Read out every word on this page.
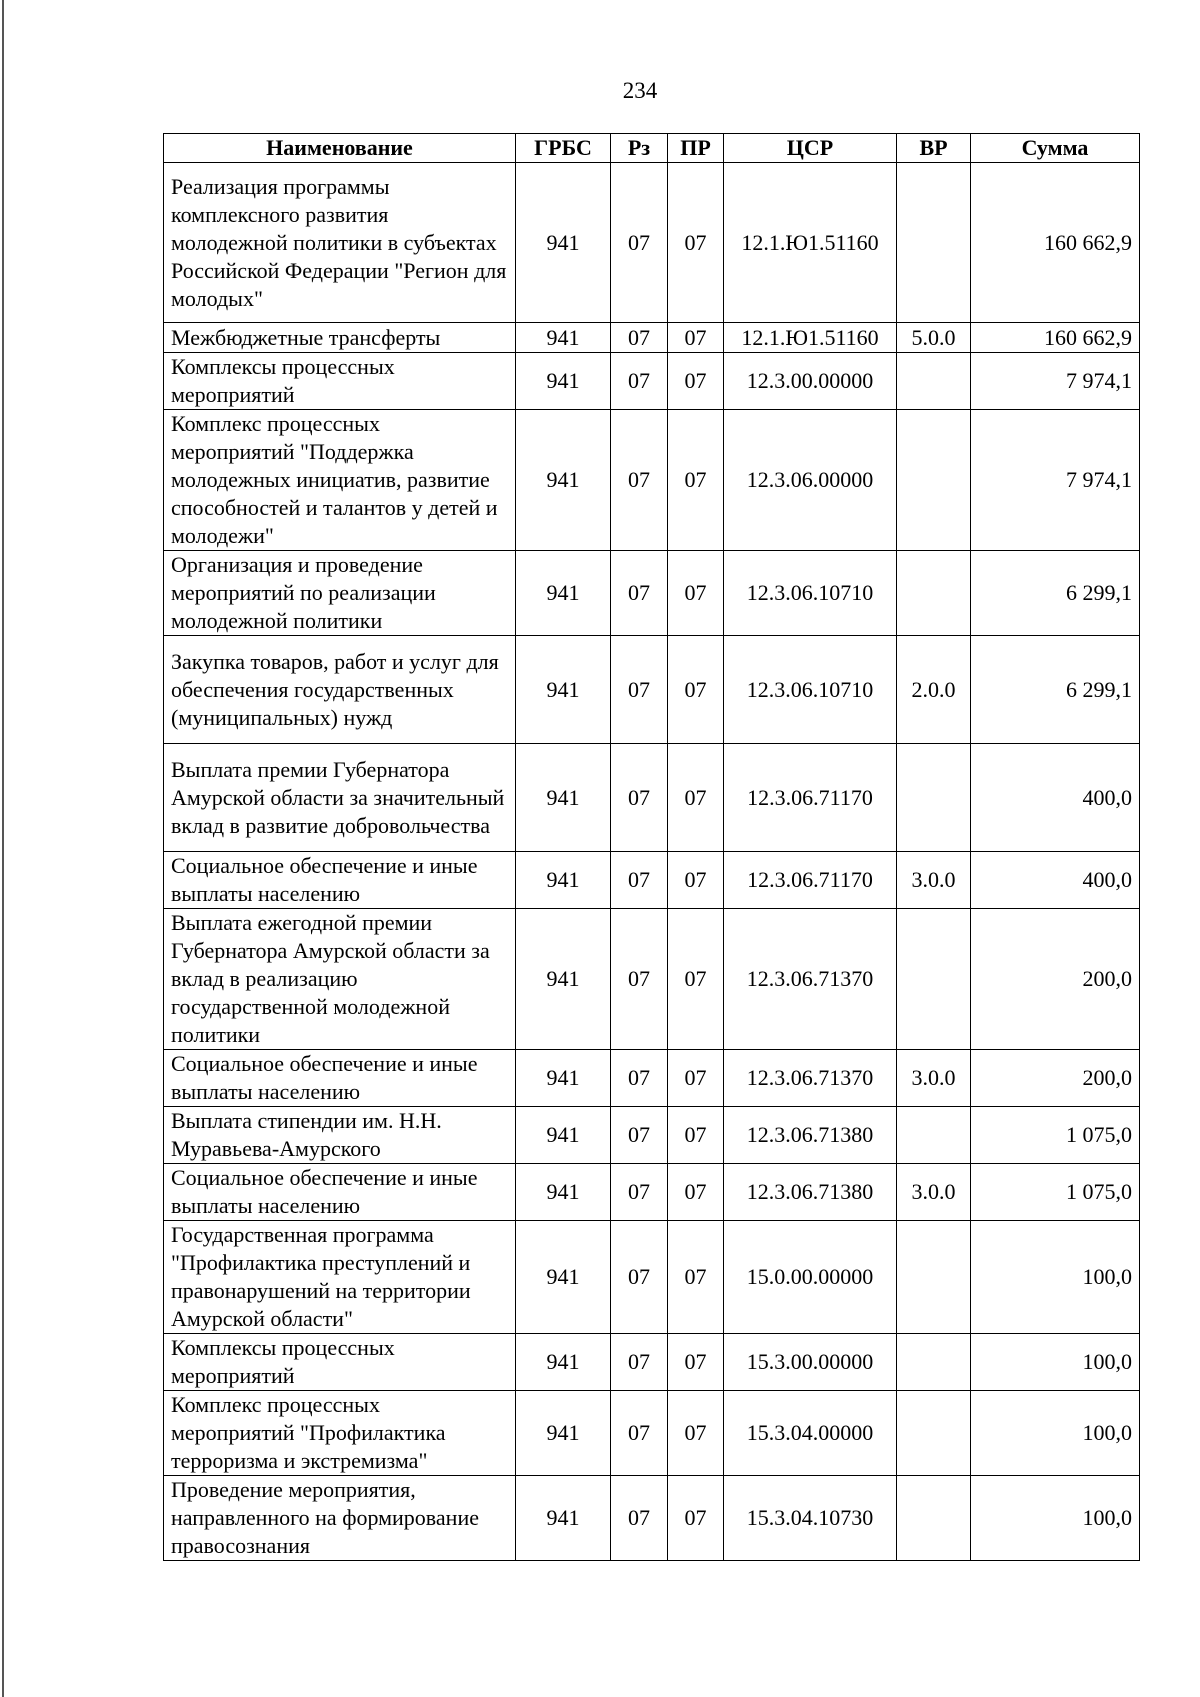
234
Наименование	ГРБС	Рз	ПР	ЦСР	ВР	Сумма
Реализация программы комплексного развития молодежной политики в субъектах Российской Федерации "Регион для молодых"	941	07	07	12.1.Ю1.51160		160 662,9
Межбюджетные трансферты	941	07	07	12.1.Ю1.51160	5.0.0	160 662,9
Комплексы процессных мероприятий	941	07	07	12.3.00.00000		7 974,1
Комплекс процессных мероприятий "Поддержка молодежных инициатив, развитие способностей и талантов у детей и молодежи"	941	07	07	12.3.06.00000		7 974,1
Организация и проведение мероприятий по реализации молодежной политики	941	07	07	12.3.06.10710		6 299,1
Закупка товаров, работ и услуг для обеспечения государственных (муниципальных) нужд	941	07	07	12.3.06.10710	2.0.0	6 299,1
Выплата премии Губернатора Амурской области за значительный вклад в развитие добровольчества	941	07	07	12.3.06.71170		400,0
Социальное обеспечение и иные выплаты населению	941	07	07	12.3.06.71170	3.0.0	400,0
Выплата ежегодной премии Губернатора Амурской области за вклад в реализацию государственной молодежной политики	941	07	07	12.3.06.71370		200,0
Социальное обеспечение и иные выплаты населению	941	07	07	12.3.06.71370	3.0.0	200,0
Выплата стипендии им. Н.Н. Муравьева-Амурского	941	07	07	12.3.06.71380		1 075,0
Социальное обеспечение и иные выплаты населению	941	07	07	12.3.06.71380	3.0.0	1 075,0
Государственная программа "Профилактика преступлений и правонарушений на территории Амурской области"	941	07	07	15.0.00.00000		100,0
Комплексы процессных мероприятий	941	07	07	15.3.00.00000		100,0
Комплекс процессных мероприятий "Профилактика терроризма и экстремизма"	941	07	07	15.3.04.00000		100,0
Проведение мероприятия, направленного на формирование правосознания	941	07	07	15.3.04.10730		100,0
